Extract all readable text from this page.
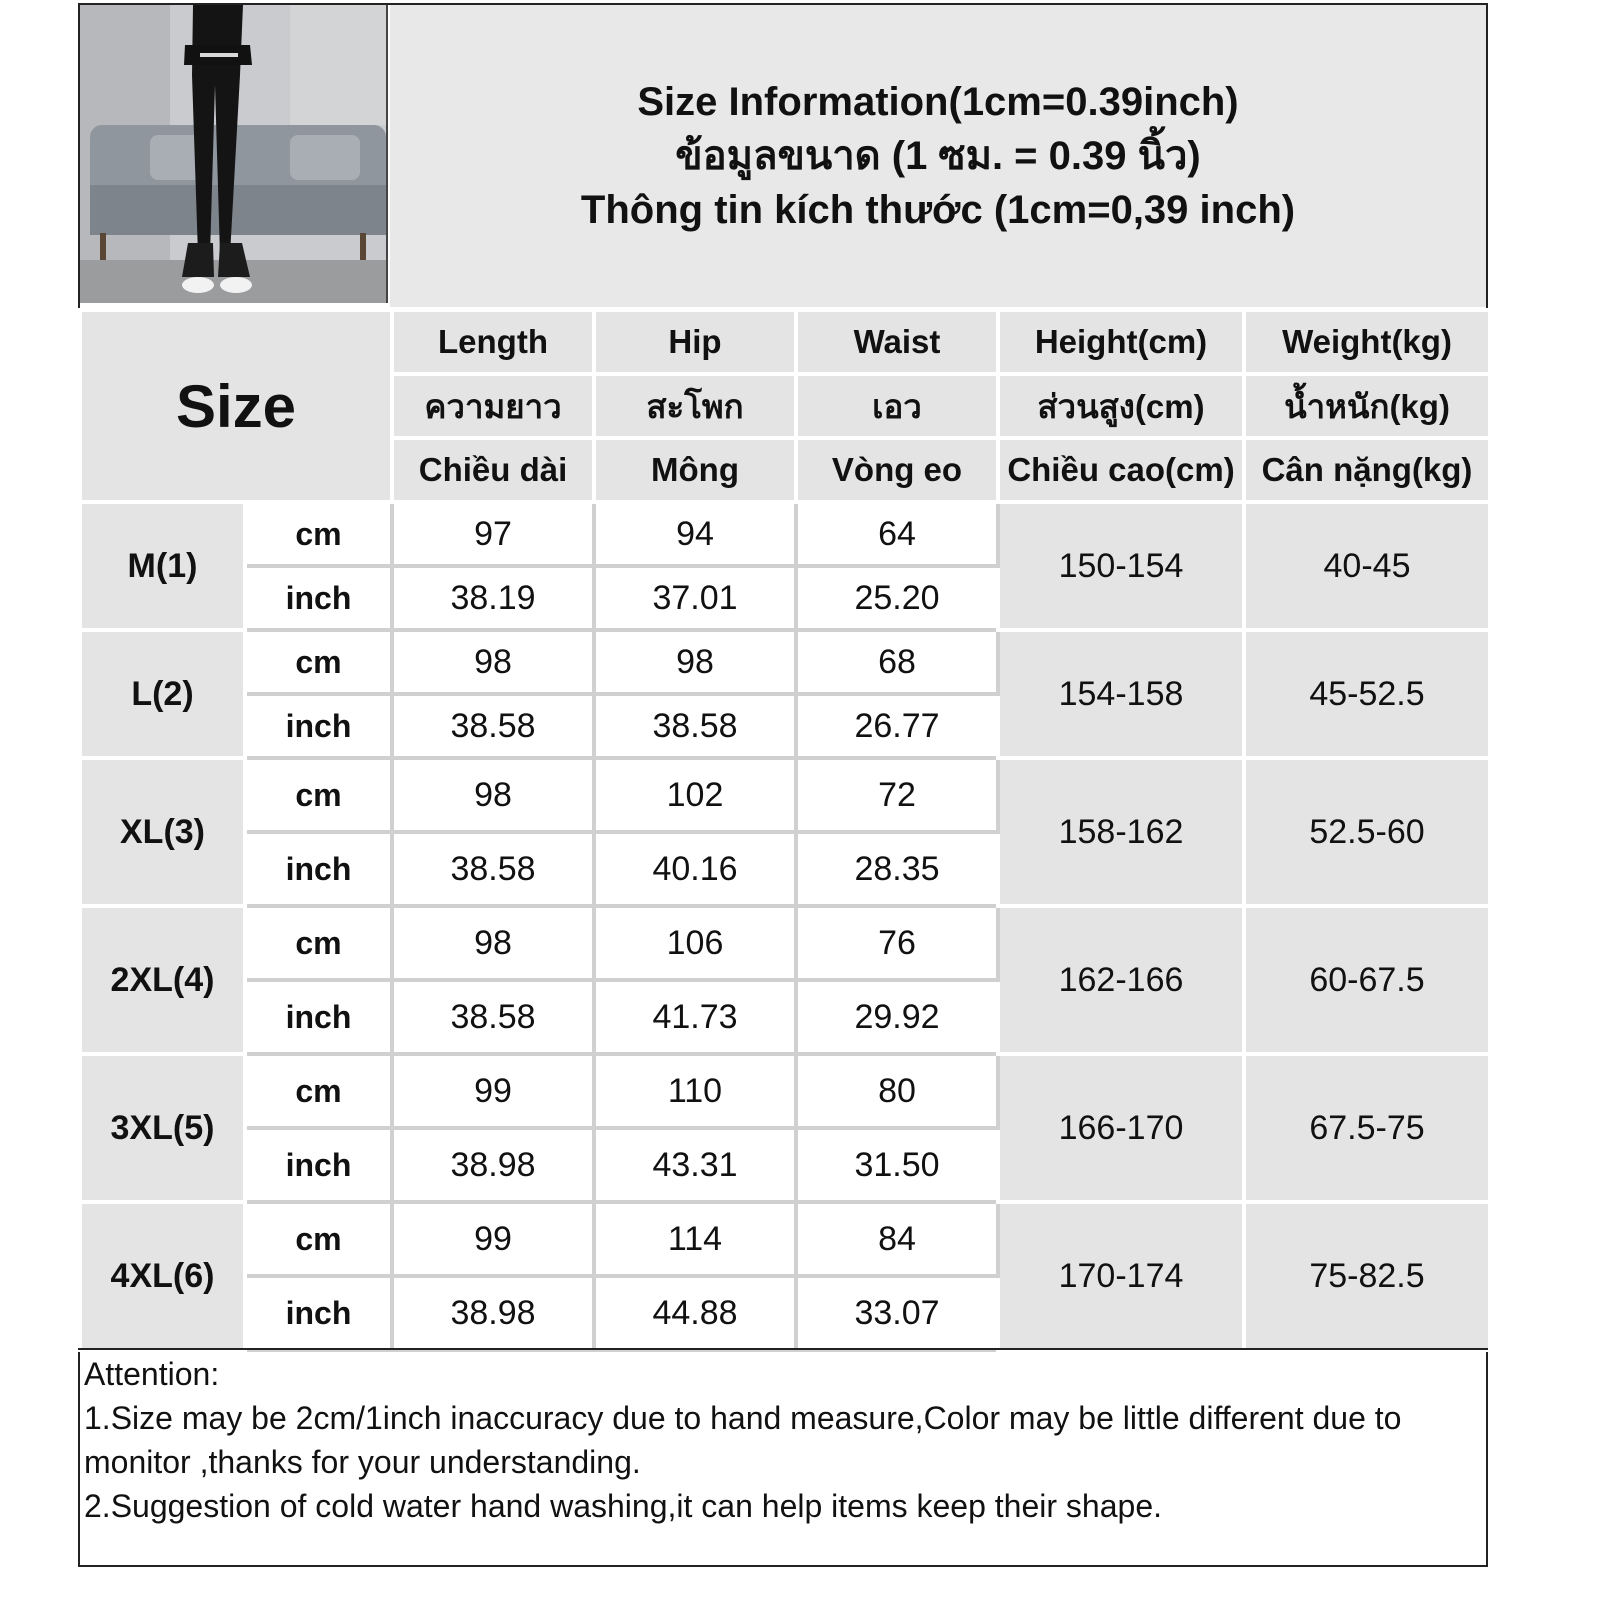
Size Information(1cm=0.39inch)
ข้อมูลขนาด (1 ซม. = 0.39 นิ้ว)
Thông tin kích thước (1cm=0,39 inch)
Size		Length	Hip	Waist	Height(cm)	Weight(kg)
		ความยาว	สะโพก	เอว	ส่วนสูง(cm)	น้ำหนัก(kg)
		Chiều dài	Mông	Vòng eo	Chiều cao(cm)	Cân nặng(kg)
M(1)	cm	97	94	64	150-154	40-45
	inch	38.19	37.01	25.20		
L(2)	cm	98	98	68	154-158	45-52.5
	inch	38.58	38.58	26.77		
XL(3)	cm	98	102	72	158-162	52.5-60
	inch	38.58	40.16	28.35		
2XL(4)	cm	98	106	76	162-166	60-67.5
	inch	38.58	41.73	29.92		
3XL(5)	cm	99	110	80	166-170	67.5-75
	inch	38.98	43.31	31.50		
4XL(6)	cm	99	114	84	170-174	75-82.5
	inch	38.98	44.88	33.07		
Attention:
1.Size may be 2cm/1inch inaccuracy due to hand measure,Color may be little different due to monitor ,thanks for your understanding.
2.Suggestion of cold water hand washing,it can help items keep their shape.
